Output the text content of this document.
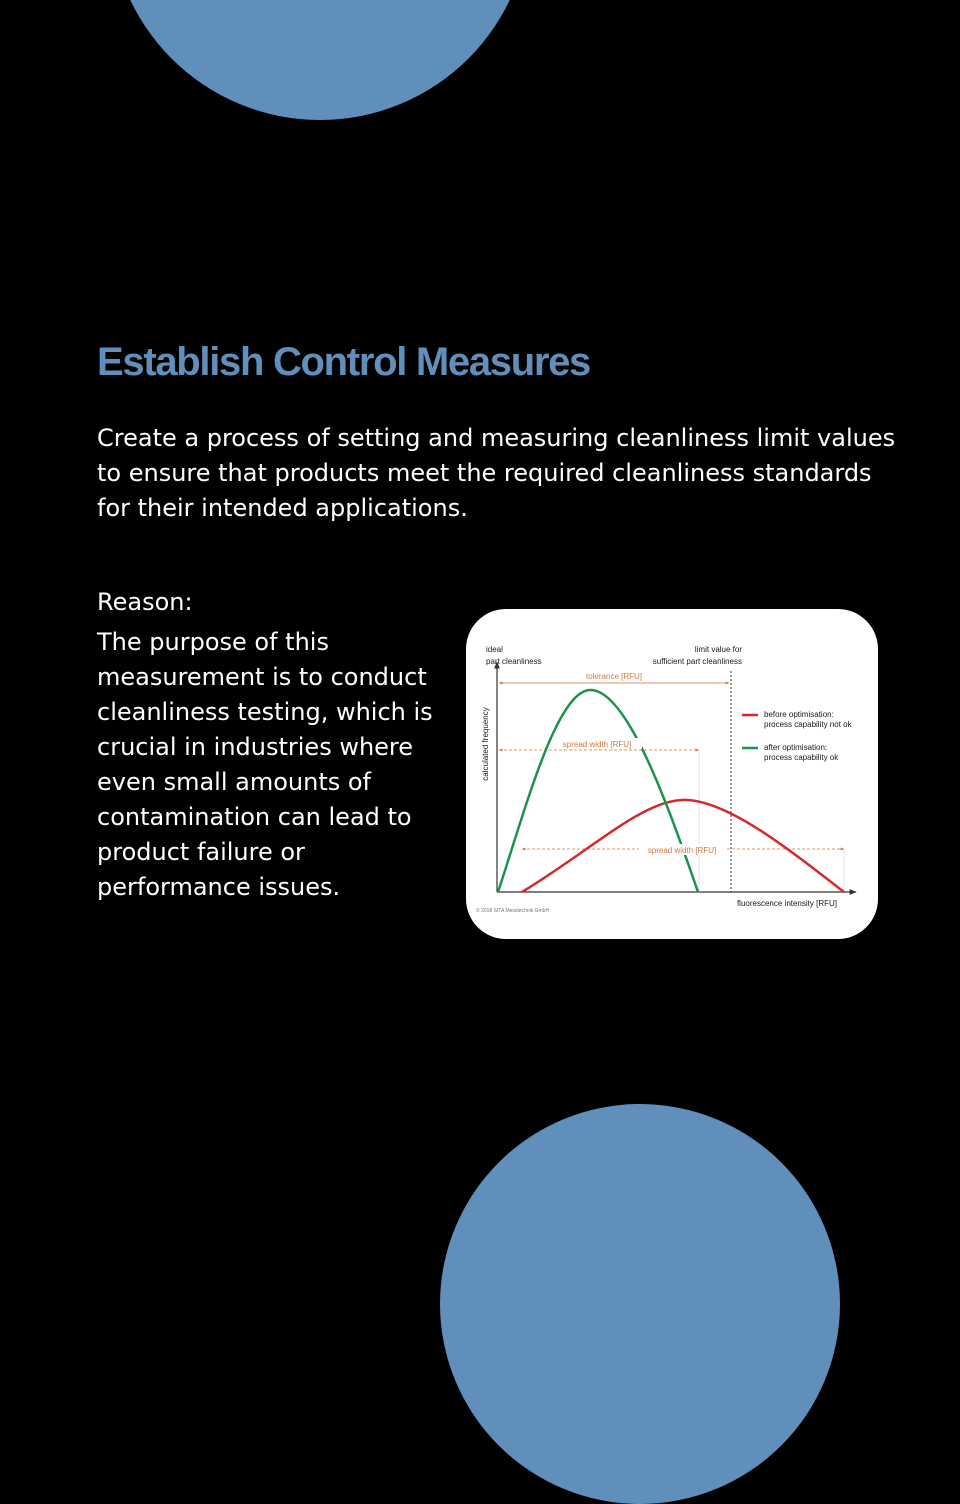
Establish Control Measures

Create a process of setting and measuring cleanliness limit values to ensure that products meet the required cleanliness standards for their intended applications.

Reason:

The purpose of this measurement is to conduct cleanliness testing, which is crucial in industries where even small amounts of contamination can lead to product failure or performance issues.

ideal
part cleanliness
limit value for
sufficient part cleanliness
tolerance [RFU]
spread width [RFU]
spread width [RFU]
calculated frequency
fluorescence intensity [RFU]
before optimisation:
process capability not ok
after optimisation:
process capability ok
© 2018 SITA Messtechnik GmbH
